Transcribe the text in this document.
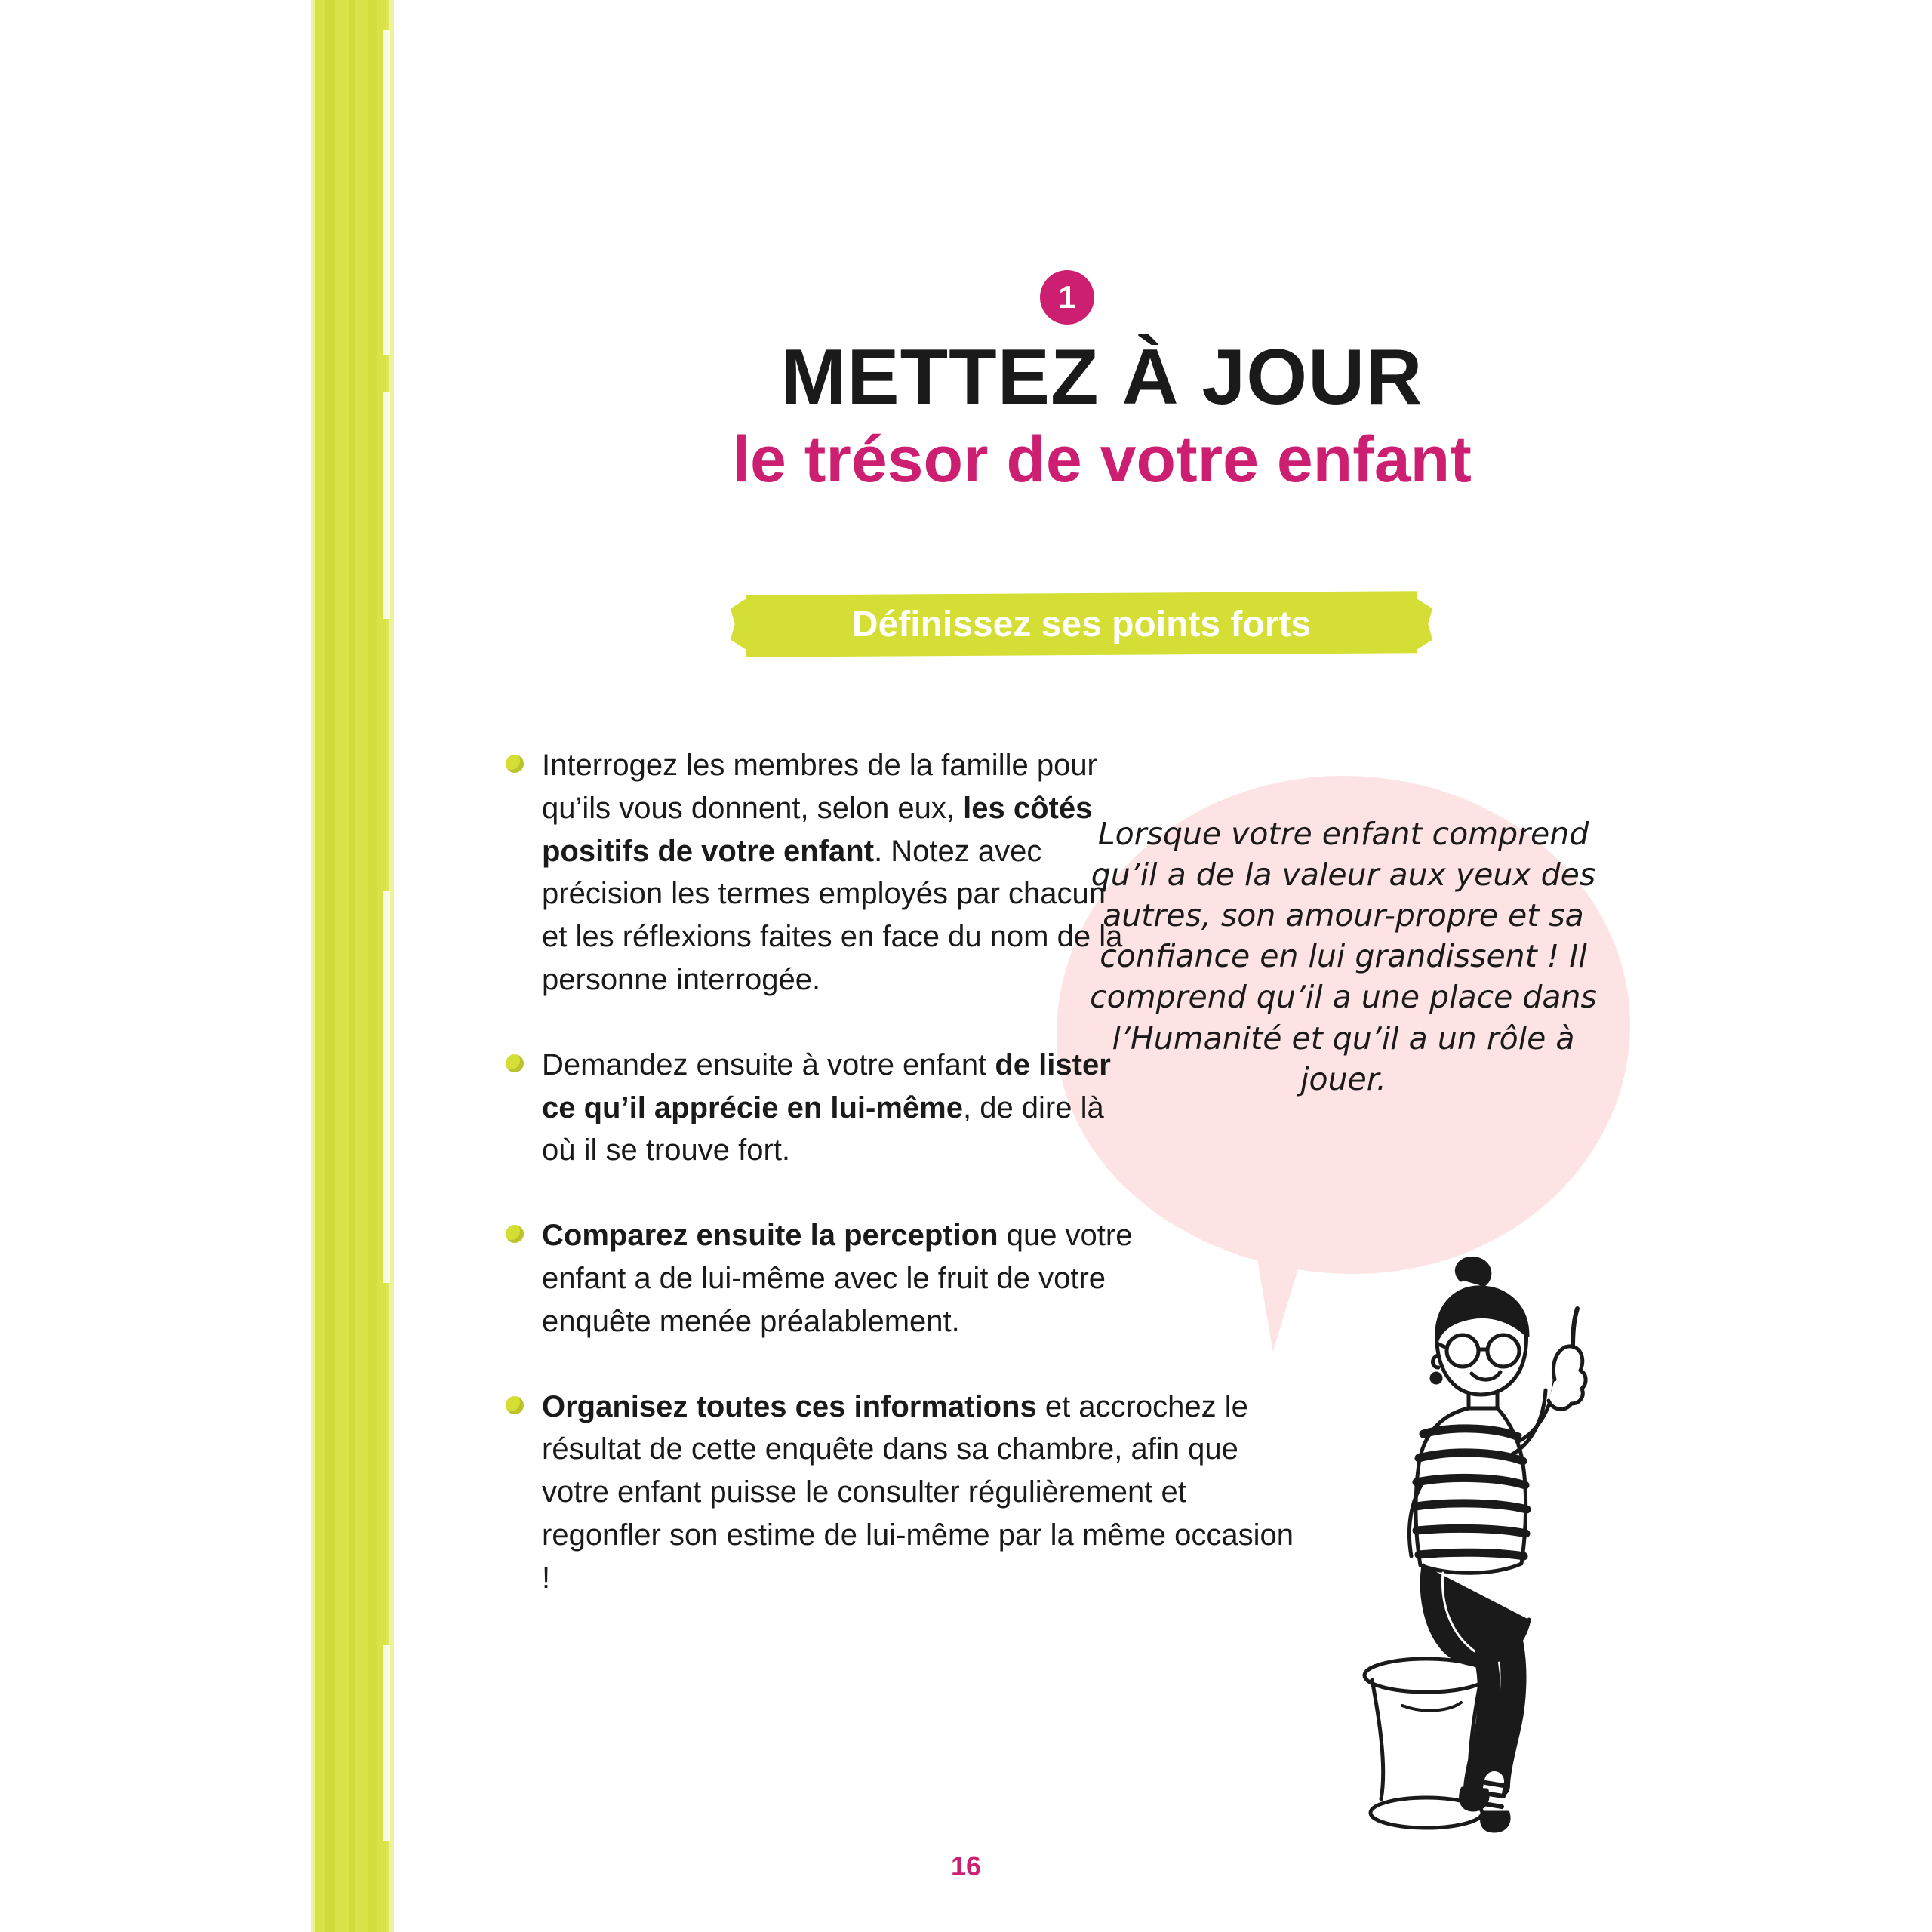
1
METTEZ À JOUR
le trésor de votre enfant
Définissez ses points forts
Lorsque votre enfant comprend qu’il a de la valeur aux yeux des autres, son amour-propre et sa confiance en lui grandissent ! Il comprend qu’il a une place dans l’Humanité et qu’il a un rôle à jouer.
Interrogez les membres de la famille pour qu’ils vous donnent, selon eux, les côtés positifs de votre enfant. Notez avec précision les termes employés par chacun et les réflexions faites en face du nom de la personne interrogée.
Demandez ensuite à votre enfant de lister ce qu’il apprécie en lui-même, de dire là où il se trouve fort.
Comparez ensuite la perception que votre enfant a de lui-même avec le fruit de votre enquête menée préalablement.
Organisez toutes ces informations et accrochez le résultat de cette enquête dans sa chambre, afin que votre enfant puisse le consulter régulièrement et regonfler son estime de lui-même par la même occasion !
16
